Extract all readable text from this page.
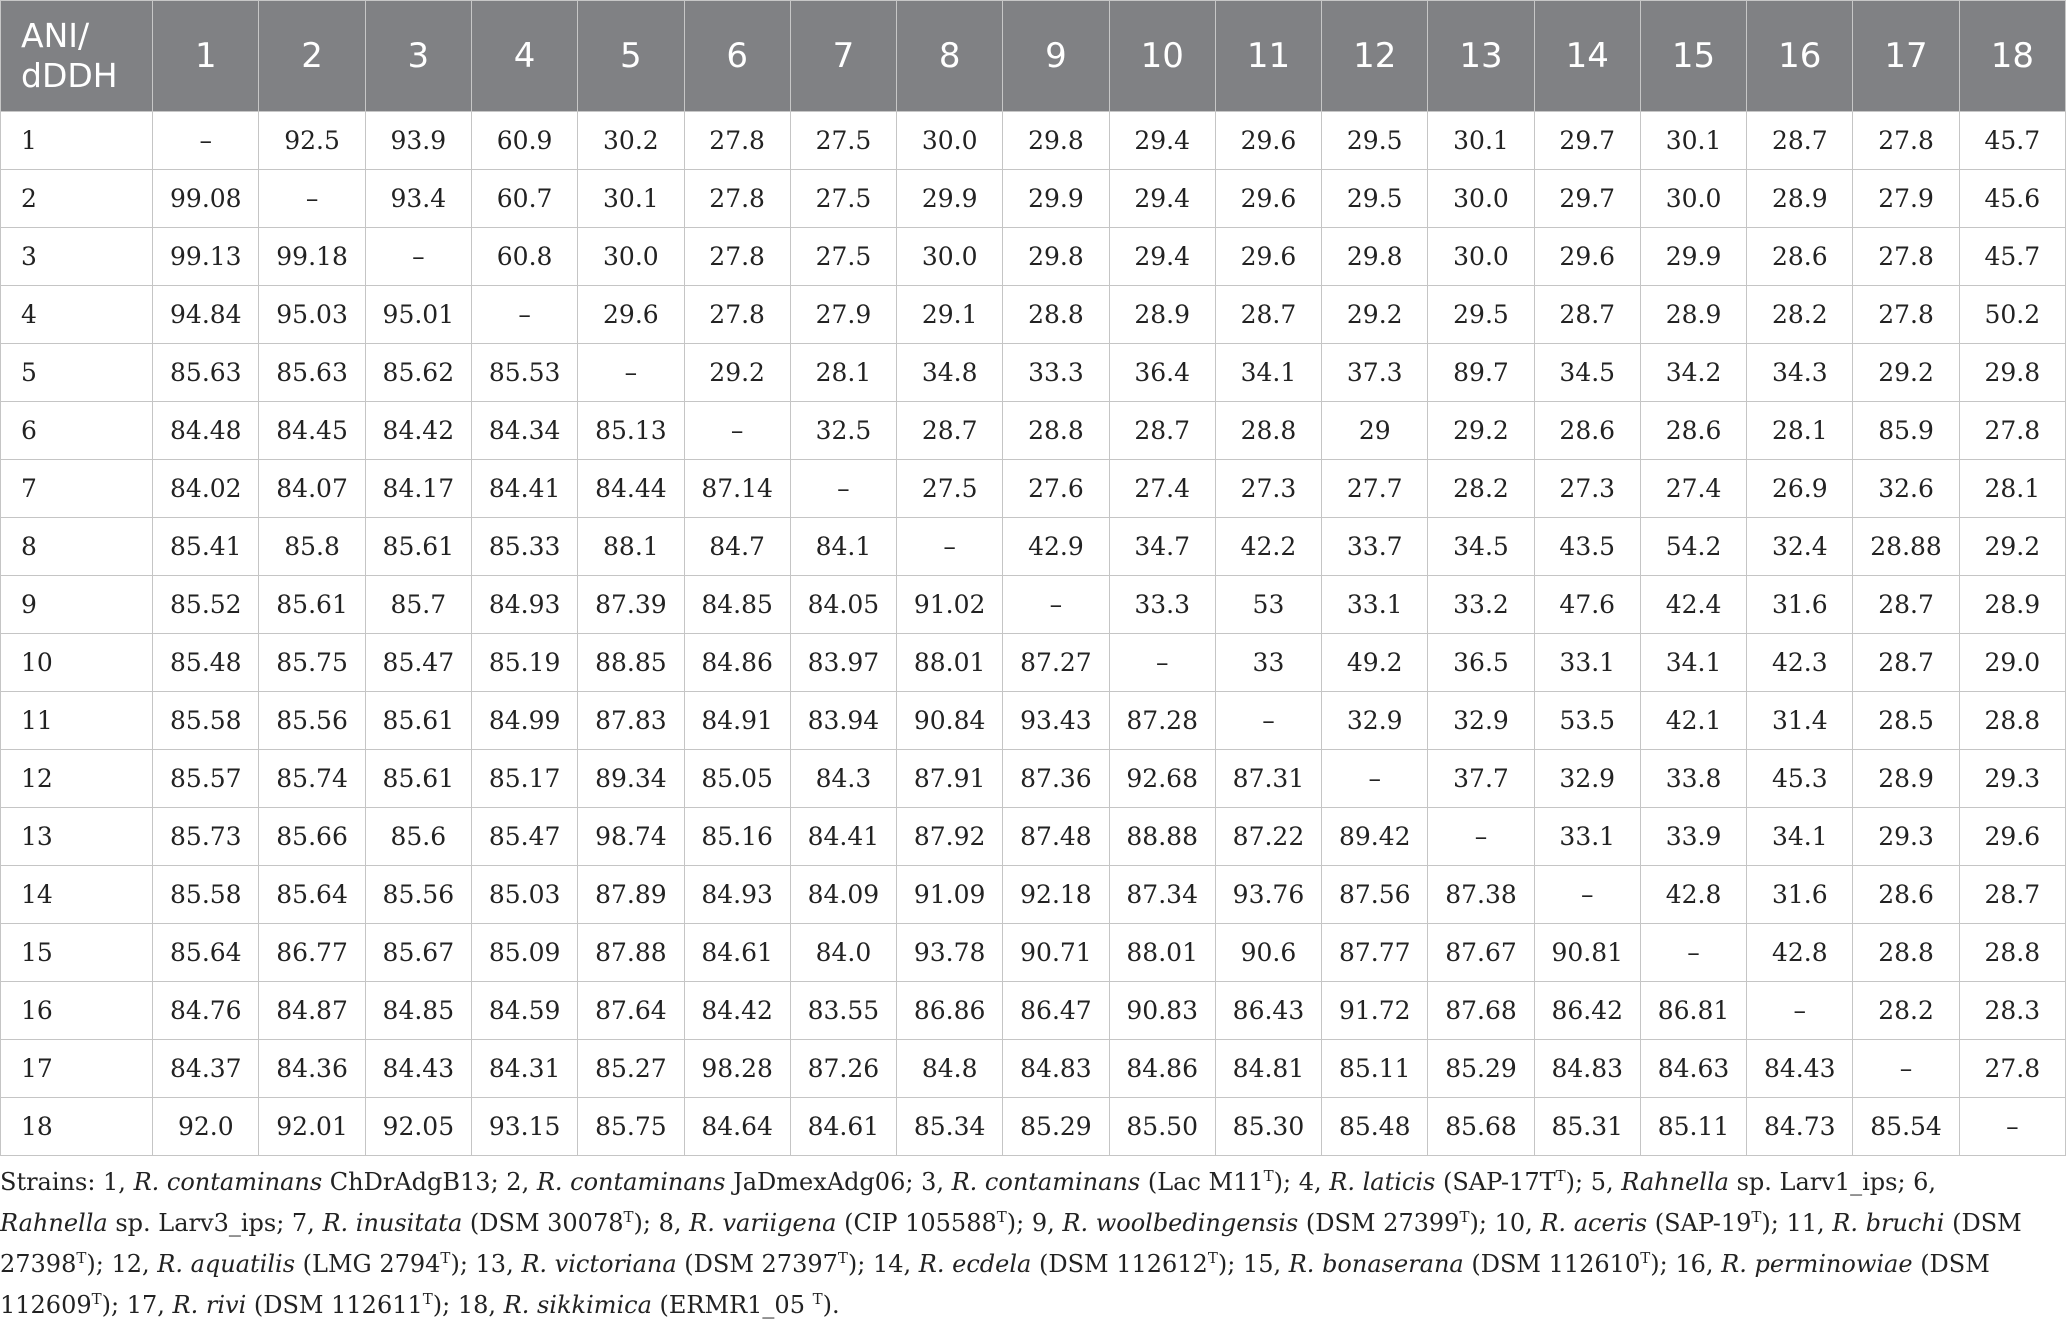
ANI/
dDDH	1	2	3	4	5	6	7	8	9	10	11	12	13	14	15	16	17	18
1	–	92.5	93.9	60.9	30.2	27.8	27.5	30.0	29.8	29.4	29.6	29.5	30.1	29.7	30.1	28.7	27.8	45.7
2	99.08	–	93.4	60.7	30.1	27.8	27.5	29.9	29.9	29.4	29.6	29.5	30.0	29.7	30.0	28.9	27.9	45.6
3	99.13	99.18	–	60.8	30.0	27.8	27.5	30.0	29.8	29.4	29.6	29.8	30.0	29.6	29.9	28.6	27.8	45.7
4	94.84	95.03	95.01	–	29.6	27.8	27.9	29.1	28.8	28.9	28.7	29.2	29.5	28.7	28.9	28.2	27.8	50.2
5	85.63	85.63	85.62	85.53	–	29.2	28.1	34.8	33.3	36.4	34.1	37.3	89.7	34.5	34.2	34.3	29.2	29.8
6	84.48	84.45	84.42	84.34	85.13	–	32.5	28.7	28.8	28.7	28.8	29	29.2	28.6	28.6	28.1	85.9	27.8
7	84.02	84.07	84.17	84.41	84.44	87.14	–	27.5	27.6	27.4	27.3	27.7	28.2	27.3	27.4	26.9	32.6	28.1
8	85.41	85.8	85.61	85.33	88.1	84.7	84.1	–	42.9	34.7	42.2	33.7	34.5	43.5	54.2	32.4	28.88	29.2
9	85.52	85.61	85.7	84.93	87.39	84.85	84.05	91.02	–	33.3	53	33.1	33.2	47.6	42.4	31.6	28.7	28.9
10	85.48	85.75	85.47	85.19	88.85	84.86	83.97	88.01	87.27	–	33	49.2	36.5	33.1	34.1	42.3	28.7	29.0
11	85.58	85.56	85.61	84.99	87.83	84.91	83.94	90.84	93.43	87.28	–	32.9	32.9	53.5	42.1	31.4	28.5	28.8
12	85.57	85.74	85.61	85.17	89.34	85.05	84.3	87.91	87.36	92.68	87.31	–	37.7	32.9	33.8	45.3	28.9	29.3
13	85.73	85.66	85.6	85.47	98.74	85.16	84.41	87.92	87.48	88.88	87.22	89.42	–	33.1	33.9	34.1	29.3	29.6
14	85.58	85.64	85.56	85.03	87.89	84.93	84.09	91.09	92.18	87.34	93.76	87.56	87.38	–	42.8	31.6	28.6	28.7
15	85.64	86.77	85.67	85.09	87.88	84.61	84.0	93.78	90.71	88.01	90.6	87.77	87.67	90.81	–	42.8	28.8	28.8
16	84.76	84.87	84.85	84.59	87.64	84.42	83.55	86.86	86.47	90.83	86.43	91.72	87.68	86.42	86.81	–	28.2	28.3
17	84.37	84.36	84.43	84.31	85.27	98.28	87.26	84.8	84.83	84.86	84.81	85.11	85.29	84.83	84.63	84.43	–	27.8
18	92.0	92.01	92.05	93.15	85.75	84.64	84.61	85.34	85.29	85.50	85.30	85.48	85.68	85.31	85.11	84.73	85.54	–
Strains: 1, R. contaminans ChDrAdgB13; 2, R. contaminans JaDmexAdg06; 3, R. contaminans (Lac $M11^T$); 4, R. laticis $(SAP-17T^T)$; 5, Rahnella sp. Larv1_ips; 6, Rahnella sp. Larv3_ips; 7, R. inusitata (DSM $30078^T$); 8, R. variigena (CIP $105588^T$); 9, R. woolbedingensis (DSM $27399^T$); 10, R. aceris $(SAP-19^T)$; 11, R. bruchi (DSM $27398^T$); 12, R. aquatilis (LMG $2794^T$); 13, R. victoriana (DSM $27397^T$); 14, R. ecdela (DSM $112612^T$); 15, R. bonaserana (DSM $112610^T$); 16, R. perminowiae (DSM $112609^T$); 17, R. rivi (DSM $112611^T$); 18, R. sikkimica (ERMR1_05 $^T$).
